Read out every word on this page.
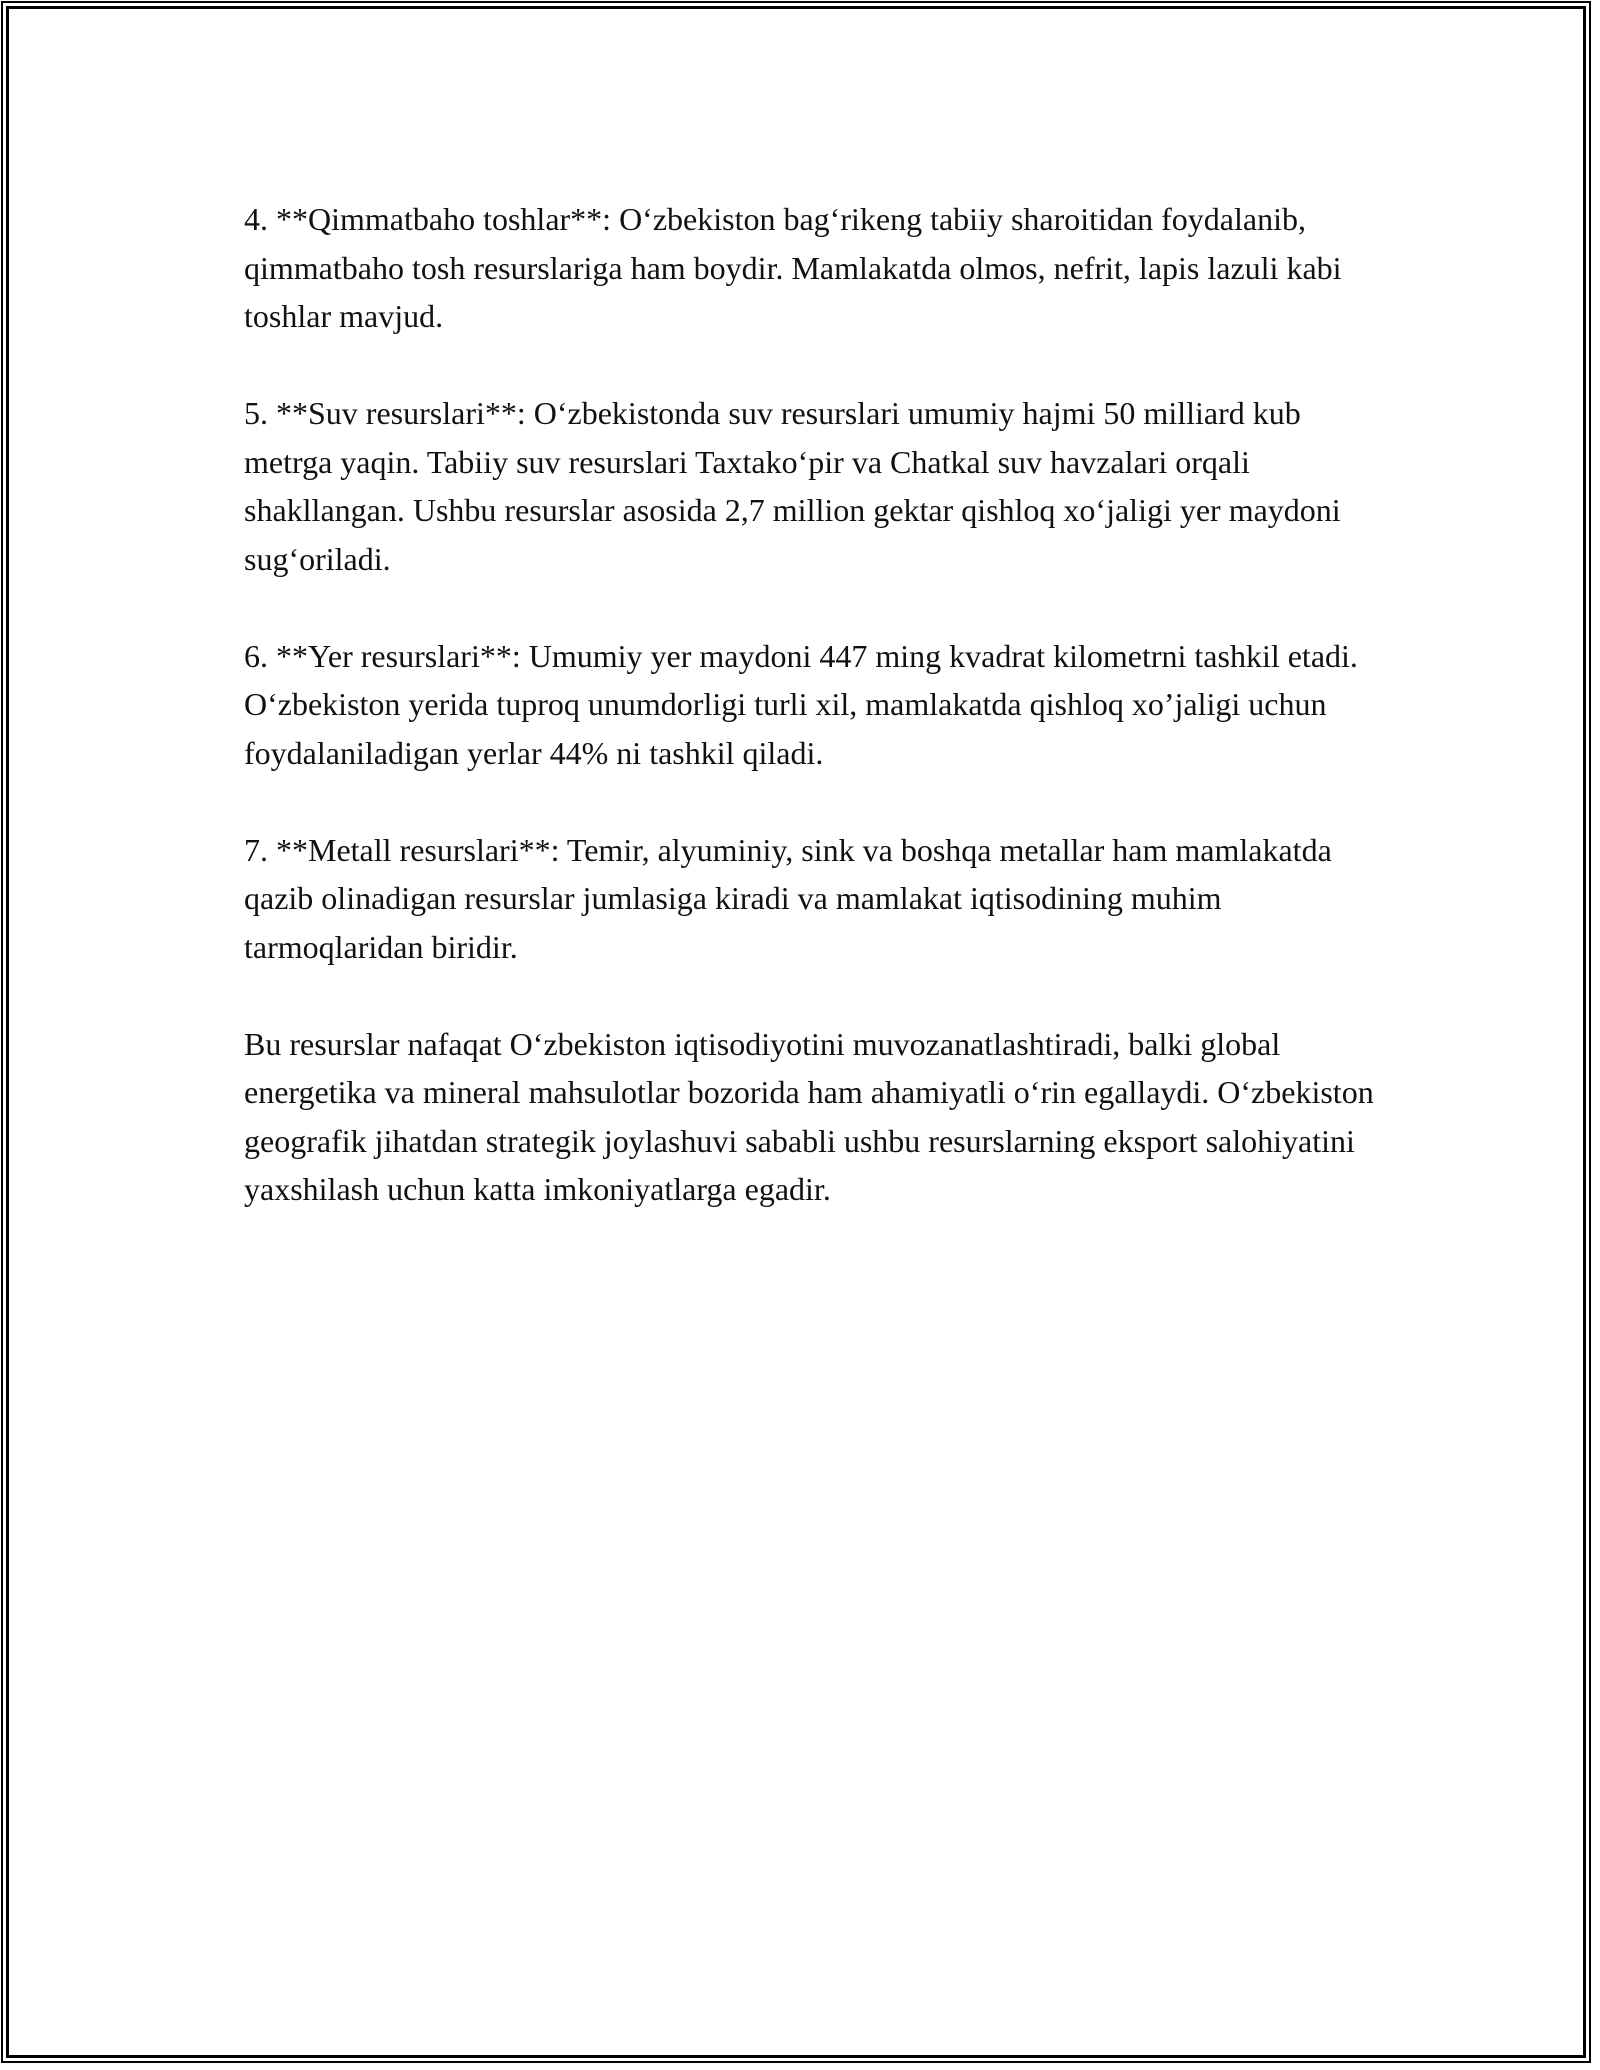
4. **Qimmatbaho toshlar**: O‘zbekiston bag‘rikeng tabiiy sharoitidan foydalanib, qimmatbaho tosh resurslariga ham boydir. Mamlakatda olmos, nefrit, lapis lazuli kabi toshlar mavjud.

5. **Suv resurslari**: O‘zbekistonda suv resurslari umumiy hajmi 50 milliard kub metrga yaqin. Tabiiy suv resurslari Taxtako‘pir va Chatkal suv havzalari orqali shakllangan. Ushbu resurslar asosida 2,7 million gektar qishloq xo‘jaligi yer maydoni sug‘oriladi.

6. **Yer resurslari**: Umumiy yer maydoni 447 ming kvadrat kilometrni tashkil etadi. O‘zbekiston yerida tuproq unumdorligi turli xil, mamlakatda qishloq xo’jaligi uchun foydalaniladigan yerlar 44% ni tashkil qiladi.

7. **Metall resurslari**: Temir, alyuminiy, sink va boshqa metallar ham mamlakatda qazib olinadigan resurslar jumlasiga kiradi va mamlakat iqtisodining muhim tarmoqlaridan biridir.

Bu resurslar nafaqat O‘zbekiston iqtisodiyotini muvozanatlashtiradi, balki global energetika va mineral mahsulotlar bozorida ham ahamiyatli o‘rin egallaydi. O‘zbekiston geografik jihatdan strategik joylashuvi sababli ushbu resurslarning eksport salohiyatini yaxshilash uchun katta imkoniyatlarga egadir.
